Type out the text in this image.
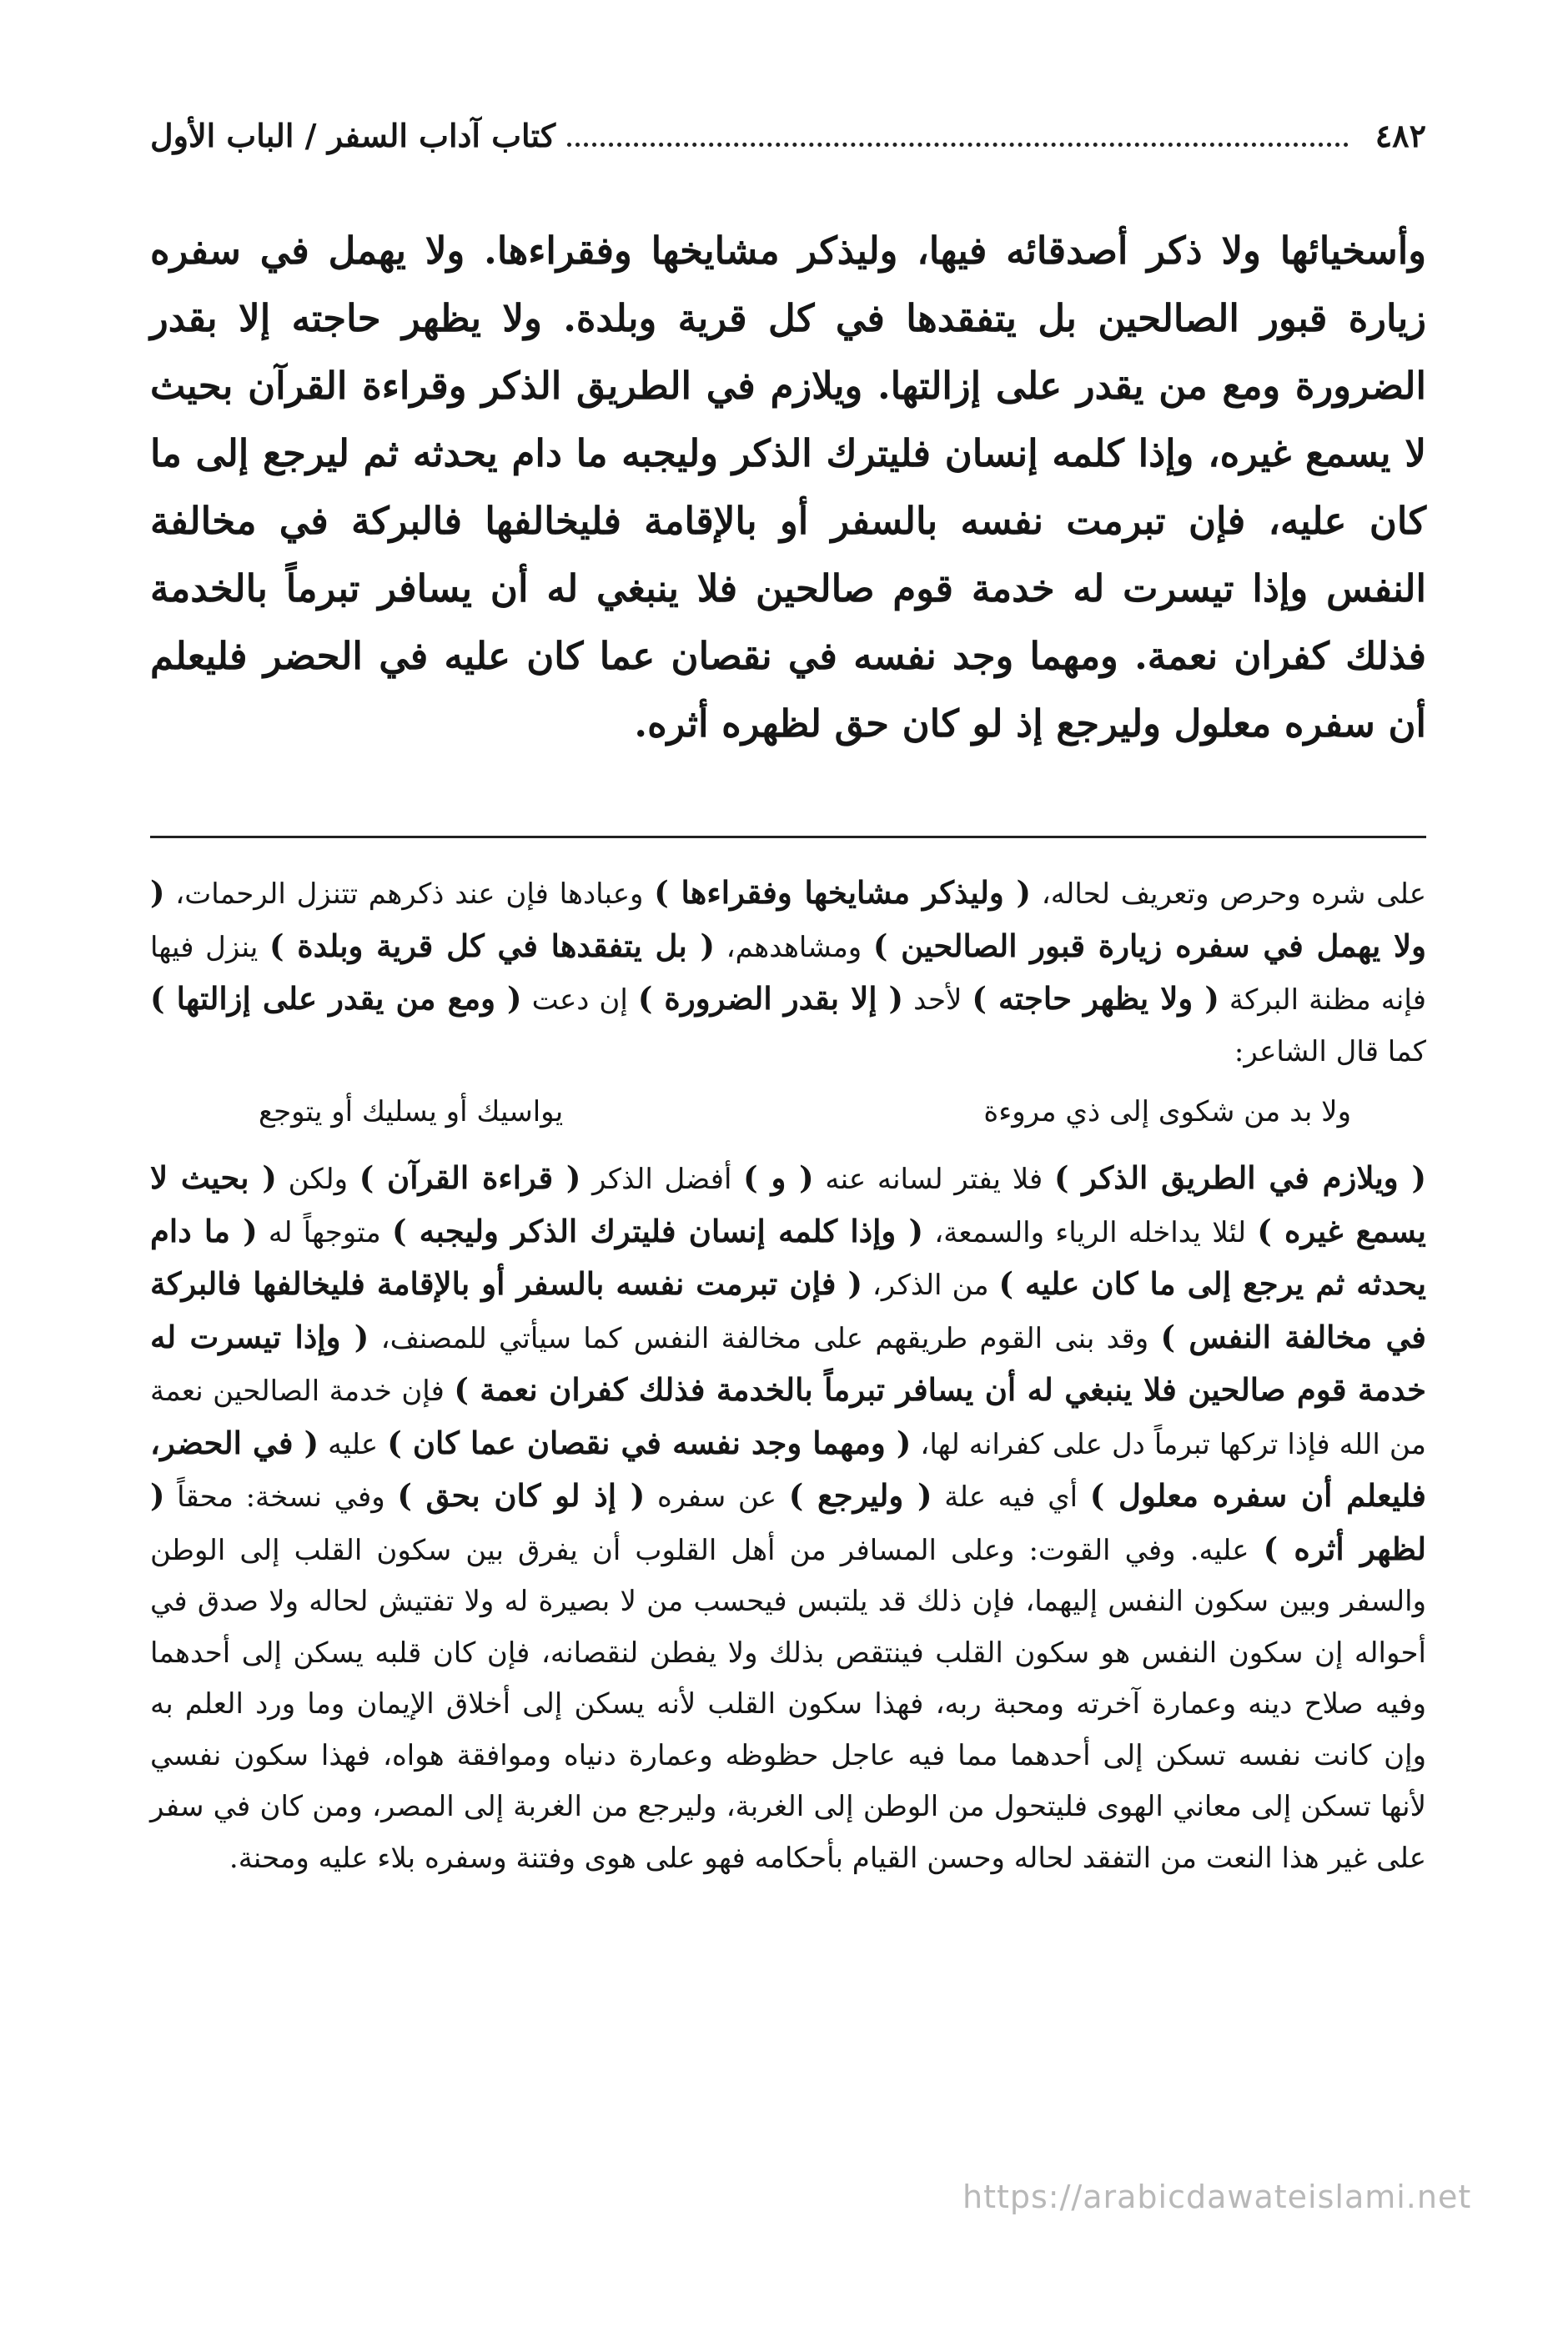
٤٨٢
كتاب آداب السفر / الباب الأول

وأسخيائها ولا ذكر أصدقائه فيها، وليذكر مشايخها وفقراءها. ولا يهمل في سفره زيارة قبور الصالحين بل يتفقدها في كل قرية وبلدة. ولا يظهر حاجته إلا بقدر الضرورة ومع من يقدر على إزالتها. ويلازم في الطريق الذكر وقراءة القرآن بحيث لا يسمع غيره، وإذا كلمه إنسان فليترك الذكر وليجبه ما دام يحدثه ثم ليرجع إلى ما كان عليه، فإن تبرمت نفسه بالسفر أو بالإقامة فليخالفها فالبركة في مخالفة النفس وإذا تيسرت له خدمة قوم صالحين فلا ينبغي له أن يسافر تبرماً بالخدمة فذلك كفران نعمة. ومهما وجد نفسه في نقصان عما كان عليه في الحضر فليعلم أن سفره معلول وليرجع إذ لو كان حق لظهره أثره.

على شره وحرص وتعريف لحاله، ( وليذكر مشايخها وفقراءها ) وعبادها فإن عند ذكرهم تتنزل الرحمات، ( ولا يهمل في سفره زيارة قبور الصالحين ) ومشاهدهم، ( بل يتفقدها في كل قرية وبلدة ) ينزل فيها فإنه مظنة البركة ( ولا يظهر حاجته ) لأحد ( إلا بقدر الضرورة ) إن دعت ( ومع من يقدر على إزالتها ) كما قال الشاعر:

ولا بد من شكوى إلى ذي مروءة
يواسيك أو يسليك أو يتوجع

( ويلازم في الطريق الذكر ) فلا يفتر لسانه عنه ( و ) أفضل الذكر ( قراءة القرآن ) ولكن ( بحيث لا يسمع غيره ) لئلا يداخله الرياء والسمعة، ( وإذا كلمه إنسان فليترك الذكر وليجبه ) متوجهاً له ( ما دام يحدثه ثم يرجع إلى ما كان عليه ) من الذكر، ( فإن تبرمت نفسه بالسفر أو بالإقامة فليخالفها فالبركة في مخالفة النفس ) وقد بنى القوم طريقهم على مخالفة النفس كما سيأتي للمصنف، ( وإذا تيسرت له خدمة قوم صالحين فلا ينبغي له أن يسافر تبرماً بالخدمة فذلك كفران نعمة ) فإن خدمة الصالحين نعمة من الله فإذا تركها تبرماً دل على كفرانه لها، ( ومهما وجد نفسه في نقصان عما كان ) عليه ( في الحضر، فليعلم أن سفره معلول ) أي فيه علة ( وليرجع ) عن سفره ( إذ لو كان بحق ) وفي نسخة: محقاً ( لظهر أثره ) عليه. وفي القوت: وعلى المسافر من أهل القلوب أن يفرق بين سكون القلب إلى الوطن والسفر وبين سكون النفس إليهما، فإن ذلك قد يلتبس فيحسب من لا بصيرة له ولا تفتيش لحاله ولا صدق في أحواله إن سكون النفس هو سكون القلب فينتقص بذلك ولا يفطن لنقصانه، فإن كان قلبه يسكن إلى أحدهما وفيه صلاح دينه وعمارة آخرته ومحبة ربه، فهذا سكون القلب لأنه يسكن إلى أخلاق الإيمان وما ورد العلم به وإن كانت نفسه تسكن إلى أحدهما مما فيه عاجل حظوظه وعمارة دنياه وموافقة هواه، فهذا سكون نفسي لأنها تسكن إلى معاني الهوى فليتحول من الوطن إلى الغربة، وليرجع من الغربة إلى المصر، ومن كان في سفر على غير هذا النعت من التفقد لحاله وحسن القيام بأحكامه فهو على هوى وفتنة وسفره بلاء عليه ومحنة.

https://arabicdawateislami.net
